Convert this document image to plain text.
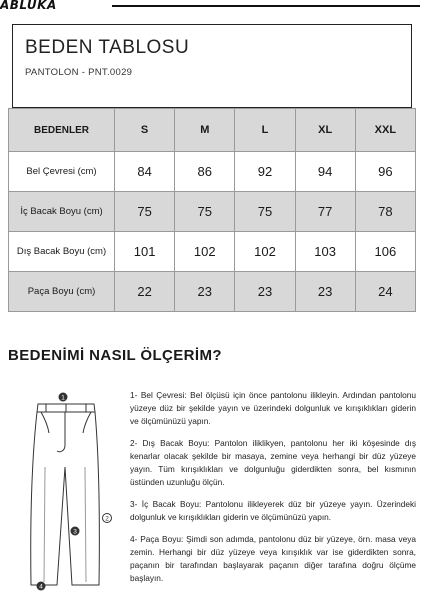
ABLUKA
BEDEN TABLOSU
PANTOLON - PNT.0029
BEDENLER	S	M	L	XL	XXL
Bel Çevresi (cm)	84	86	92	94	96
İç Bacak Boyu (cm)	75	75	75	77	78
Dış Bacak Boyu (cm)	101	102	102	103	106
Paça Boyu (cm)	22	23	23	23	24
BEDENİMİ NASIL ÖLÇERİM?
1
2
3
4

1- Bel Çevresi: Bel ölçüsü için önce pantolonu ilikleyin. Ardından pantolonu yüzeye düz bir şekilde yayın ve üzerindeki dolgunluk ve kırışıklıkları giderin ve ölçümünüzü yapın.

2- Dış Bacak Boyu: Pantolon iliklikyen, pantolonu her iki köşesinde dış kenarlar olacak şekilde bir masaya, zemine veya herhangi bir düz yüzeye yayın. Tüm kırışıklıkları ve dolgunluğu giderdikten sonra, bel kısmının üstünden uzunluğu ölçün.

3- İç Bacak Boyu: Pantolonu ilikleyerek düz bir yüzeye yayın. Üzerindeki dolgunluk ve kırışıklıkları giderin ve ölçümünüzü yapın.

4- Paça Boyu: Şimdi son adımda, pantolonu düz bir yüzeye, örn. masa veya zemin. Herhangi bir düz yüzeye veya kırışıklık var ise giderdikten sonra, paçanın bir tarafından başlayarak paçanın diğer tarafına doğru ölçüme başlayın.
